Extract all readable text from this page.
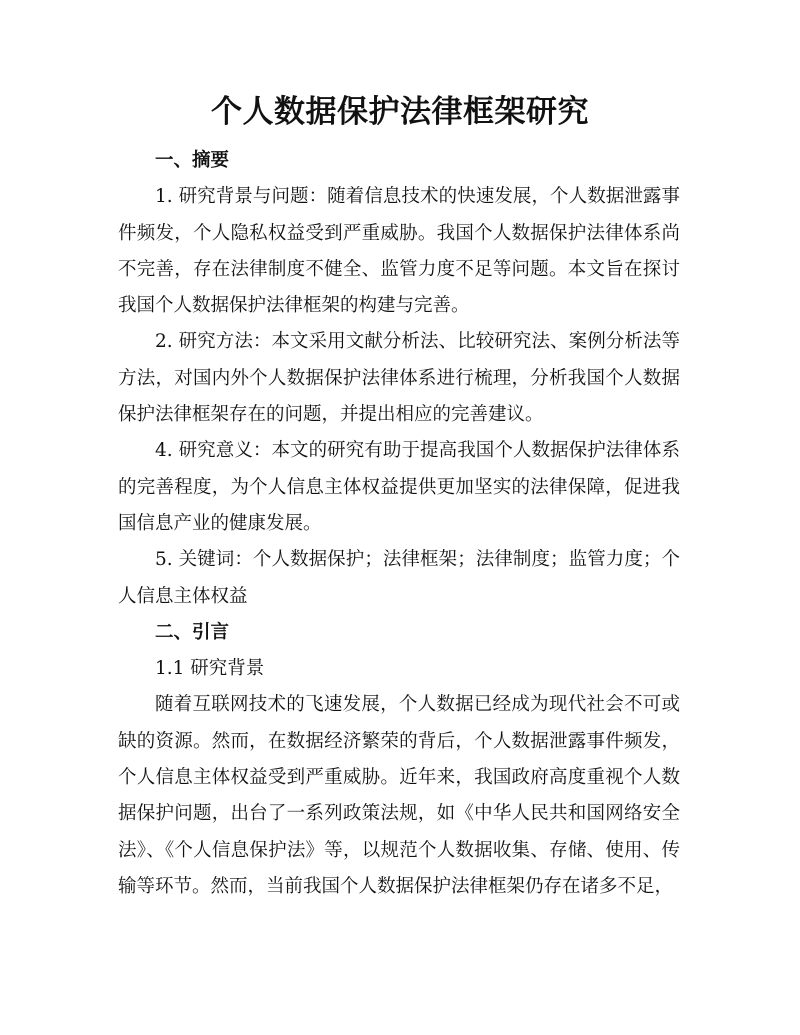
个人数据保护法律框架研究
一、摘要

1. 研究背景与问题：随着信息技术的快速发展，个人数据泄露事件频发，个人隐私权益受到严重威胁。我国个人数据保护法律体系尚不完善，存在法律制度不健全、监管力度不足等问题。本文旨在探讨我国个人数据保护法律框架的构建与完善。

2. 研究方法：本文采用文献分析法、比较研究法、案例分析法等方法，对国内外个人数据保护法律体系进行梳理，分析我国个人数据保护法律框架存在的问题，并提出相应的完善建议。

4. 研究意义：本文的研究有助于提高我国个人数据保护法律体系的完善程度，为个人信息主体权益提供更加坚实的法律保障，促进我国信息产业的健康发展。

5. 关键词：个人数据保护；法律框架；法律制度；监管力度；个人信息主体权益

二、引言
1.1 研究背景

随着互联网技术的飞速发展，个人数据已经成为现代社会不可或缺的资源。然而，在数据经济繁荣的背后，个人数据泄露事件频发，个人信息主体权益受到严重威胁。近年来，我国政府高度重视个人数据保护问题，出台了一系列政策法规，如《中华人民共和国网络安全法》、《个人信息保护法》等，以规范个人数据收集、存储、使用、传输等环节。然而，当前我国个人数据保护法律框架仍存在诸多不足，
